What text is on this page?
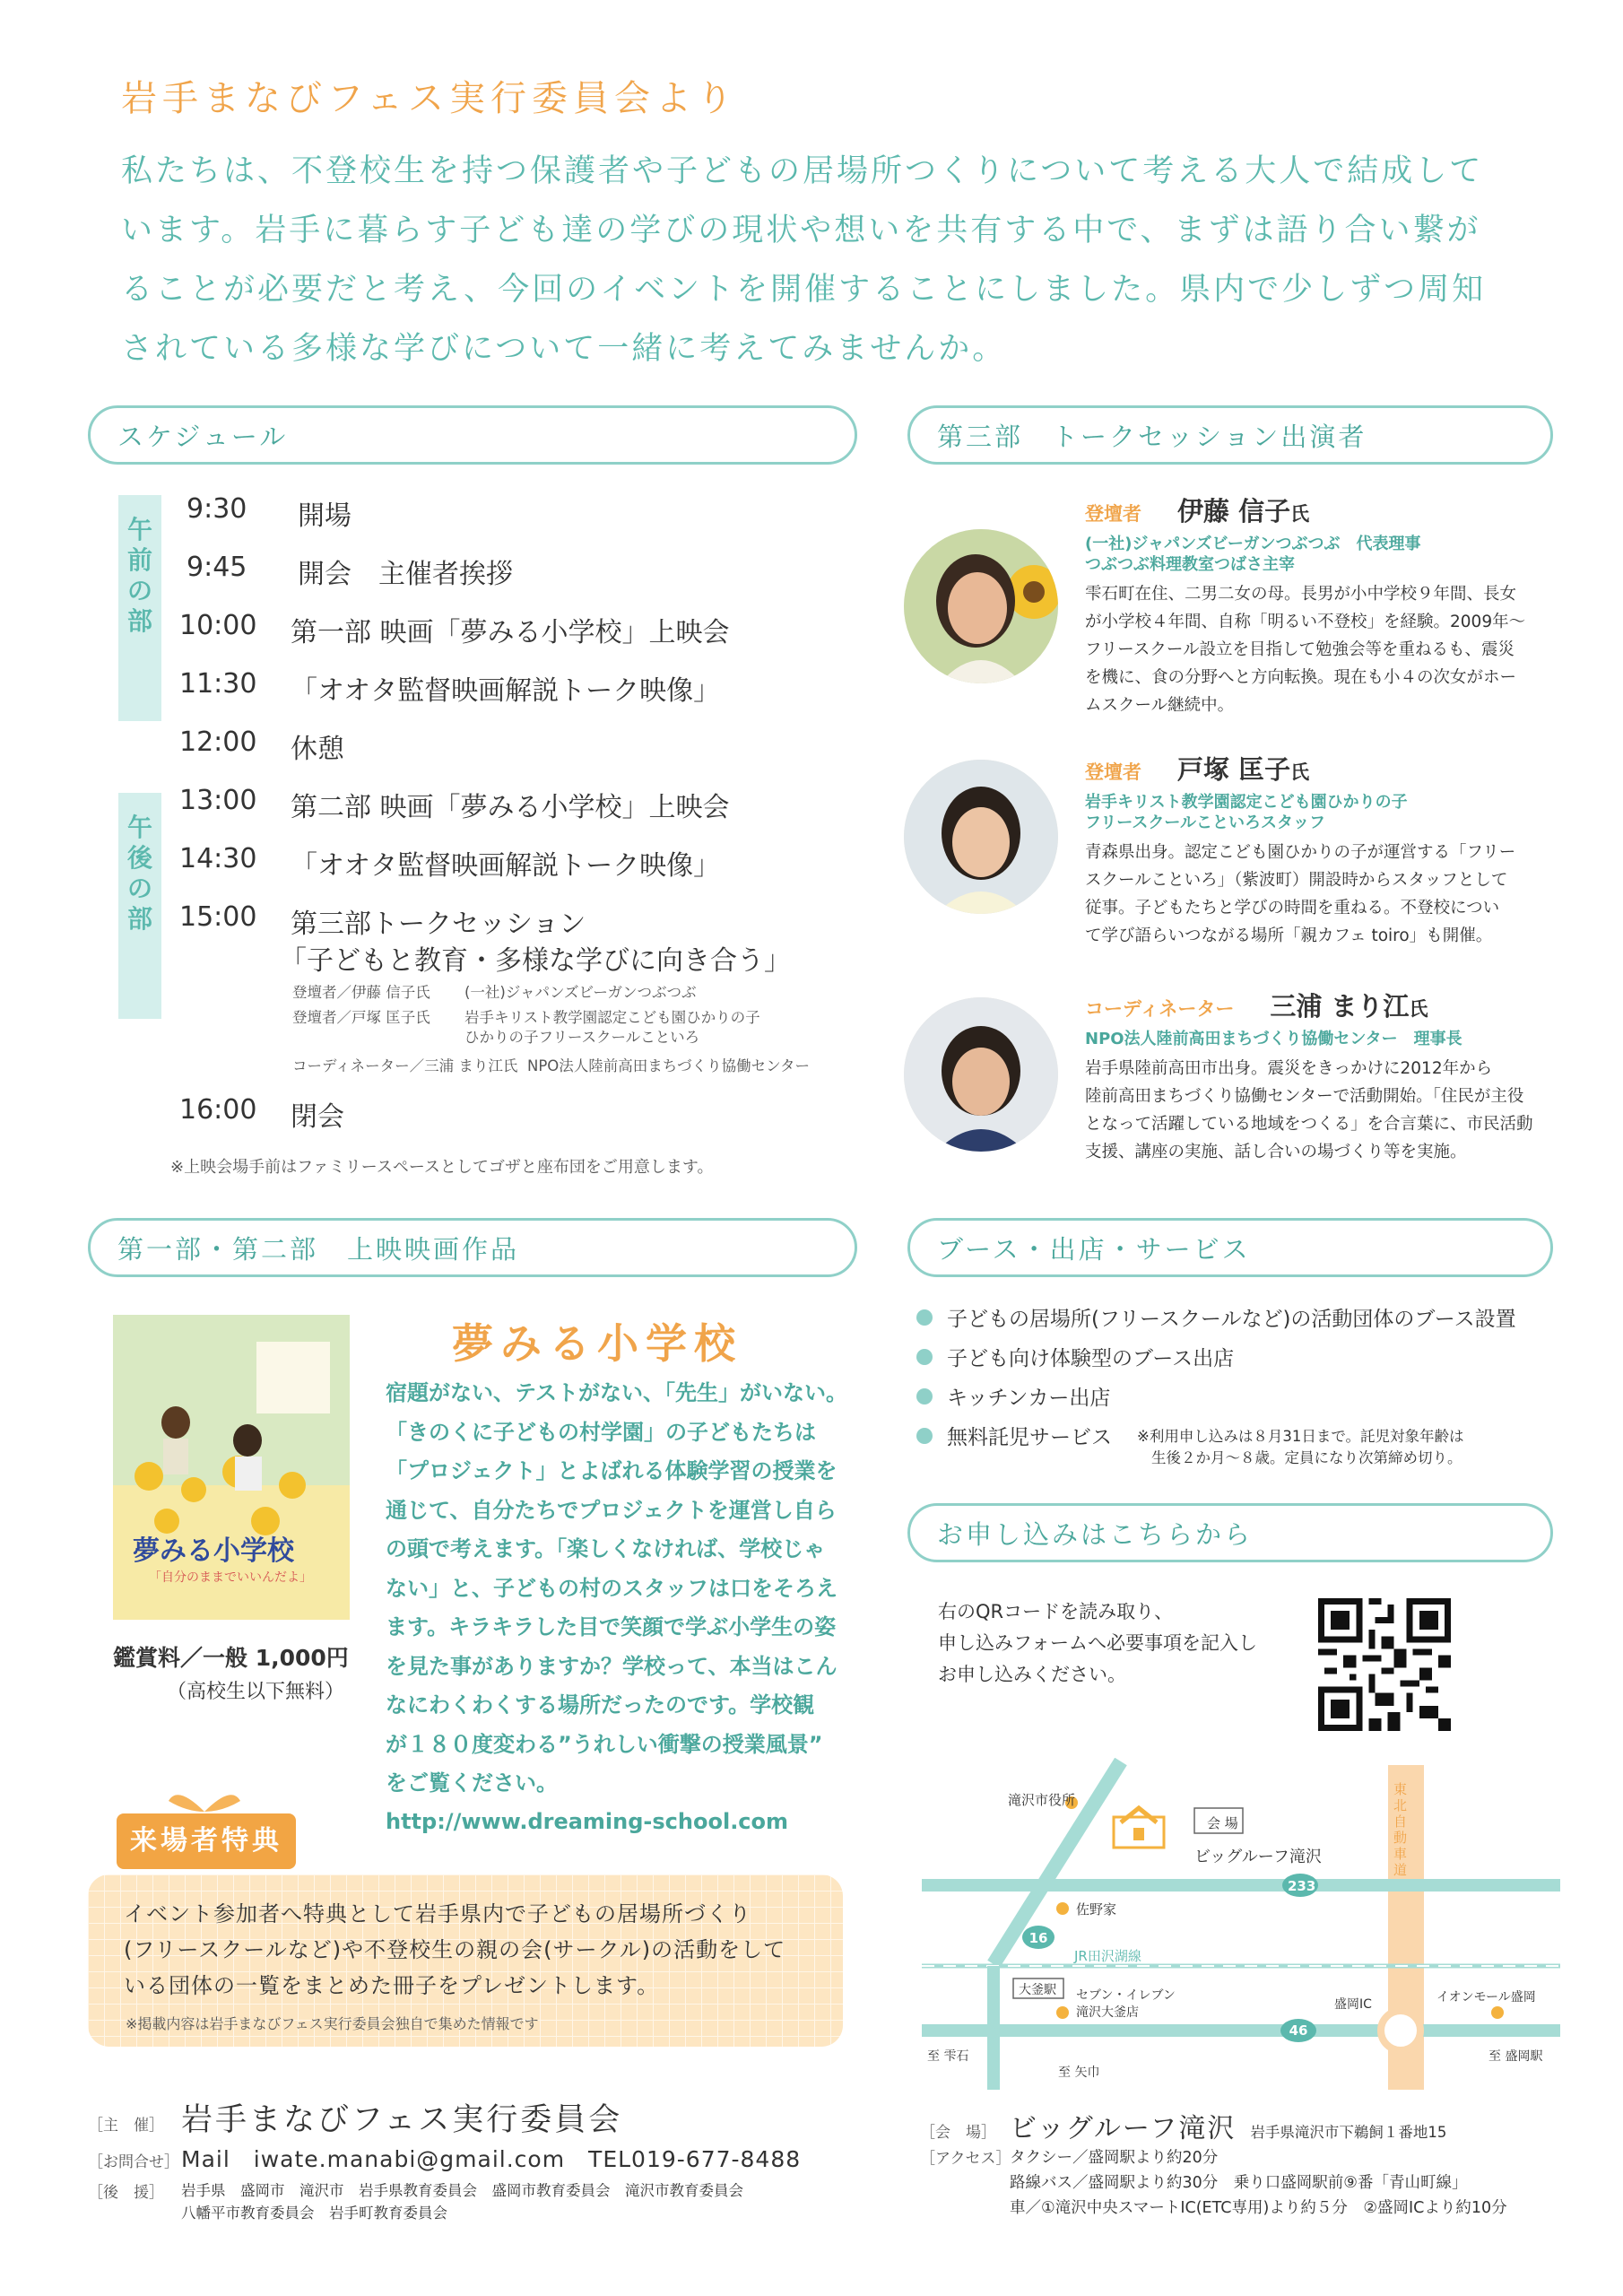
岩手まなびフェス実行委員会より
私たちは、不登校生を持つ保護者や子どもの居場所つくりについて考える大人で結成して
います。岩手に暮らす子ども達の学びの現状や想いを共有する中で、まずは語り合い繋が
ることが必要だと考え、今回のイベントを開催することにしました。県内で少しずつ周知
されている多様な学びについて一緒に考えてみませんか。
スケジュール
午
前
の
部
午
後
の
部
9:30	開場
9:45	開会　主催者挨拶
10:00	第一部 映画「夢みる小学校」上映会
11:30	「オオタ監督映画解説トーク映像」
12:00	休憩
13:00	第二部 映画「夢みる小学校」上映会
14:30	「オオタ監督映画解説トーク映像」
15:00	第三部トークセッション
「子どもと教育・多様な学びに向き合う」
登壇者／伊藤 信子氏 (一社)ジャパンズビーガンつぶつぶ
登壇者／戸塚 匡子氏 岩手キリスト教学園認定こども園ひかりの子
ひかりの子フリースクールこといろ
コーディネーター／三浦 まり江氏 NPO法人陸前高田まちづくり協働センター
16:00	閉会
※上映会場手前はファミリースペースとしてゴザと座布団をご用意します。
第三部　トークセッション出演者
登壇者 伊藤 信子氏
(一社)ジャパンズビーガンつぶつぶ　代表理事
つぶつぶ料理教室つばさ主宰
雫石町在住、二男二女の母。長男が小中学校９年間、長女
が小学校４年間、自称「明るい不登校」を経験。2009年～
フリースクール設立を目指して勉強会等を重ねるも、震災
を機に、食の分野へと方向転換。現在も小４の次女がホー
ムスクール継続中。
登壇者 戸塚 匡子氏
岩手キリスト教学園認定こども園ひかりの子
フリースクールこといろスタッフ
青森県出身。認定こども園ひかりの子が運営する「フリー
スクールこといろ」（紫波町）開設時からスタッフとして
従事。子どもたちと学びの時間を重ねる。不登校につい
て学び語らいつながる場所「親カフェ toiro」も開催。
コーディネーター 三浦 まり江氏
NPO法人陸前高田まちづくり協働センター　理事長
岩手県陸前高田市出身。震災をきっかけに2012年から
陸前高田まちづくり協働センターで活動開始。「住民が主役
となって活躍している地域をつくる」を合言葉に、市民活動
支援、講座の実施、話し合いの場づくり等を実施。
第一部・第二部　上映映画作品
夢みる小学校
「自分のままでいいんだよ」
鑑賞料／一般 1,000円
（高校生以下無料）
夢みる小学校
宿題がない、テストがない、「先生」がいない。
「きのくに子どもの村学園」の子どもたちは
「プロジェクト」とよばれる体験学習の授業を
通じて、自分たちでプロジェクトを運営し自ら
の頭で考えます。「楽しくなければ、学校じゃ
ない」と、子どもの村のスタッフは口をそろえ
ます。キラキラした目で笑顔で学ぶ小学生の姿
を見た事がありますか？学校って、本当はこん
なにわくわくする場所だったのです。学校観
が１８０度変わる”うれしい衝撃の授業風景”
をご覧ください。
http://www.dreaming-school.com
来場者特典
イベント参加者へ特典として岩手県内で子どもの居場所づくり
(フリースクールなど)や不登校生の親の会(サークル)の活動をして
いる団体の一覧をまとめた冊子をプレゼントします。
※掲載内容は岩手まなびフェス実行委員会独自で集めた情報です
ブース・出店・サービス
子どもの居場所(フリースクールなど)の活動団体のブース設置
子ども向け体験型のブース出店
キッチンカー出店
無料託児サービス ※利用申し込みは８月31日まで。託児対象年齢は
生後２か月～８歳。定員になり次第締め切り。
お申し込みはこちらから
右のQRコードを読み取り、
申し込みフォームへ必要事項を記入し
お申し込みください。
滝沢市役所
会 場
ビッグルーフ滝沢
東
北
自
動
車
道
233
16
46
佐野家
JR田沢湖線
大釜駅 セブン・イレブン
滝沢大釜店
盛岡IC	イオンモール盛岡
至 雫石
至 矢巾
至 盛岡駅
［主　催］ 岩手まなびフェス実行委員会
［お問合せ］ Mail　iwate.manabi@gmail.com　TEL019-677-8488
［後　援］	岩手県　盛岡市　滝沢市　岩手県教育委員会　盛岡市教育委員会　滝沢市教育委員会
八幡平市教育委員会　岩手町教育委員会
［会　場］ ビッグルーフ滝沢 岩手県滝沢市下鵜飼１番地15
［アクセス］
タクシー／盛岡駅より約20分
路線バス／盛岡駅より約30分　乗り口盛岡駅前⑨番「青山町線」
車／①滝沢中央スマートIC(ETC専用)より約５分　②盛岡ICより約10分
